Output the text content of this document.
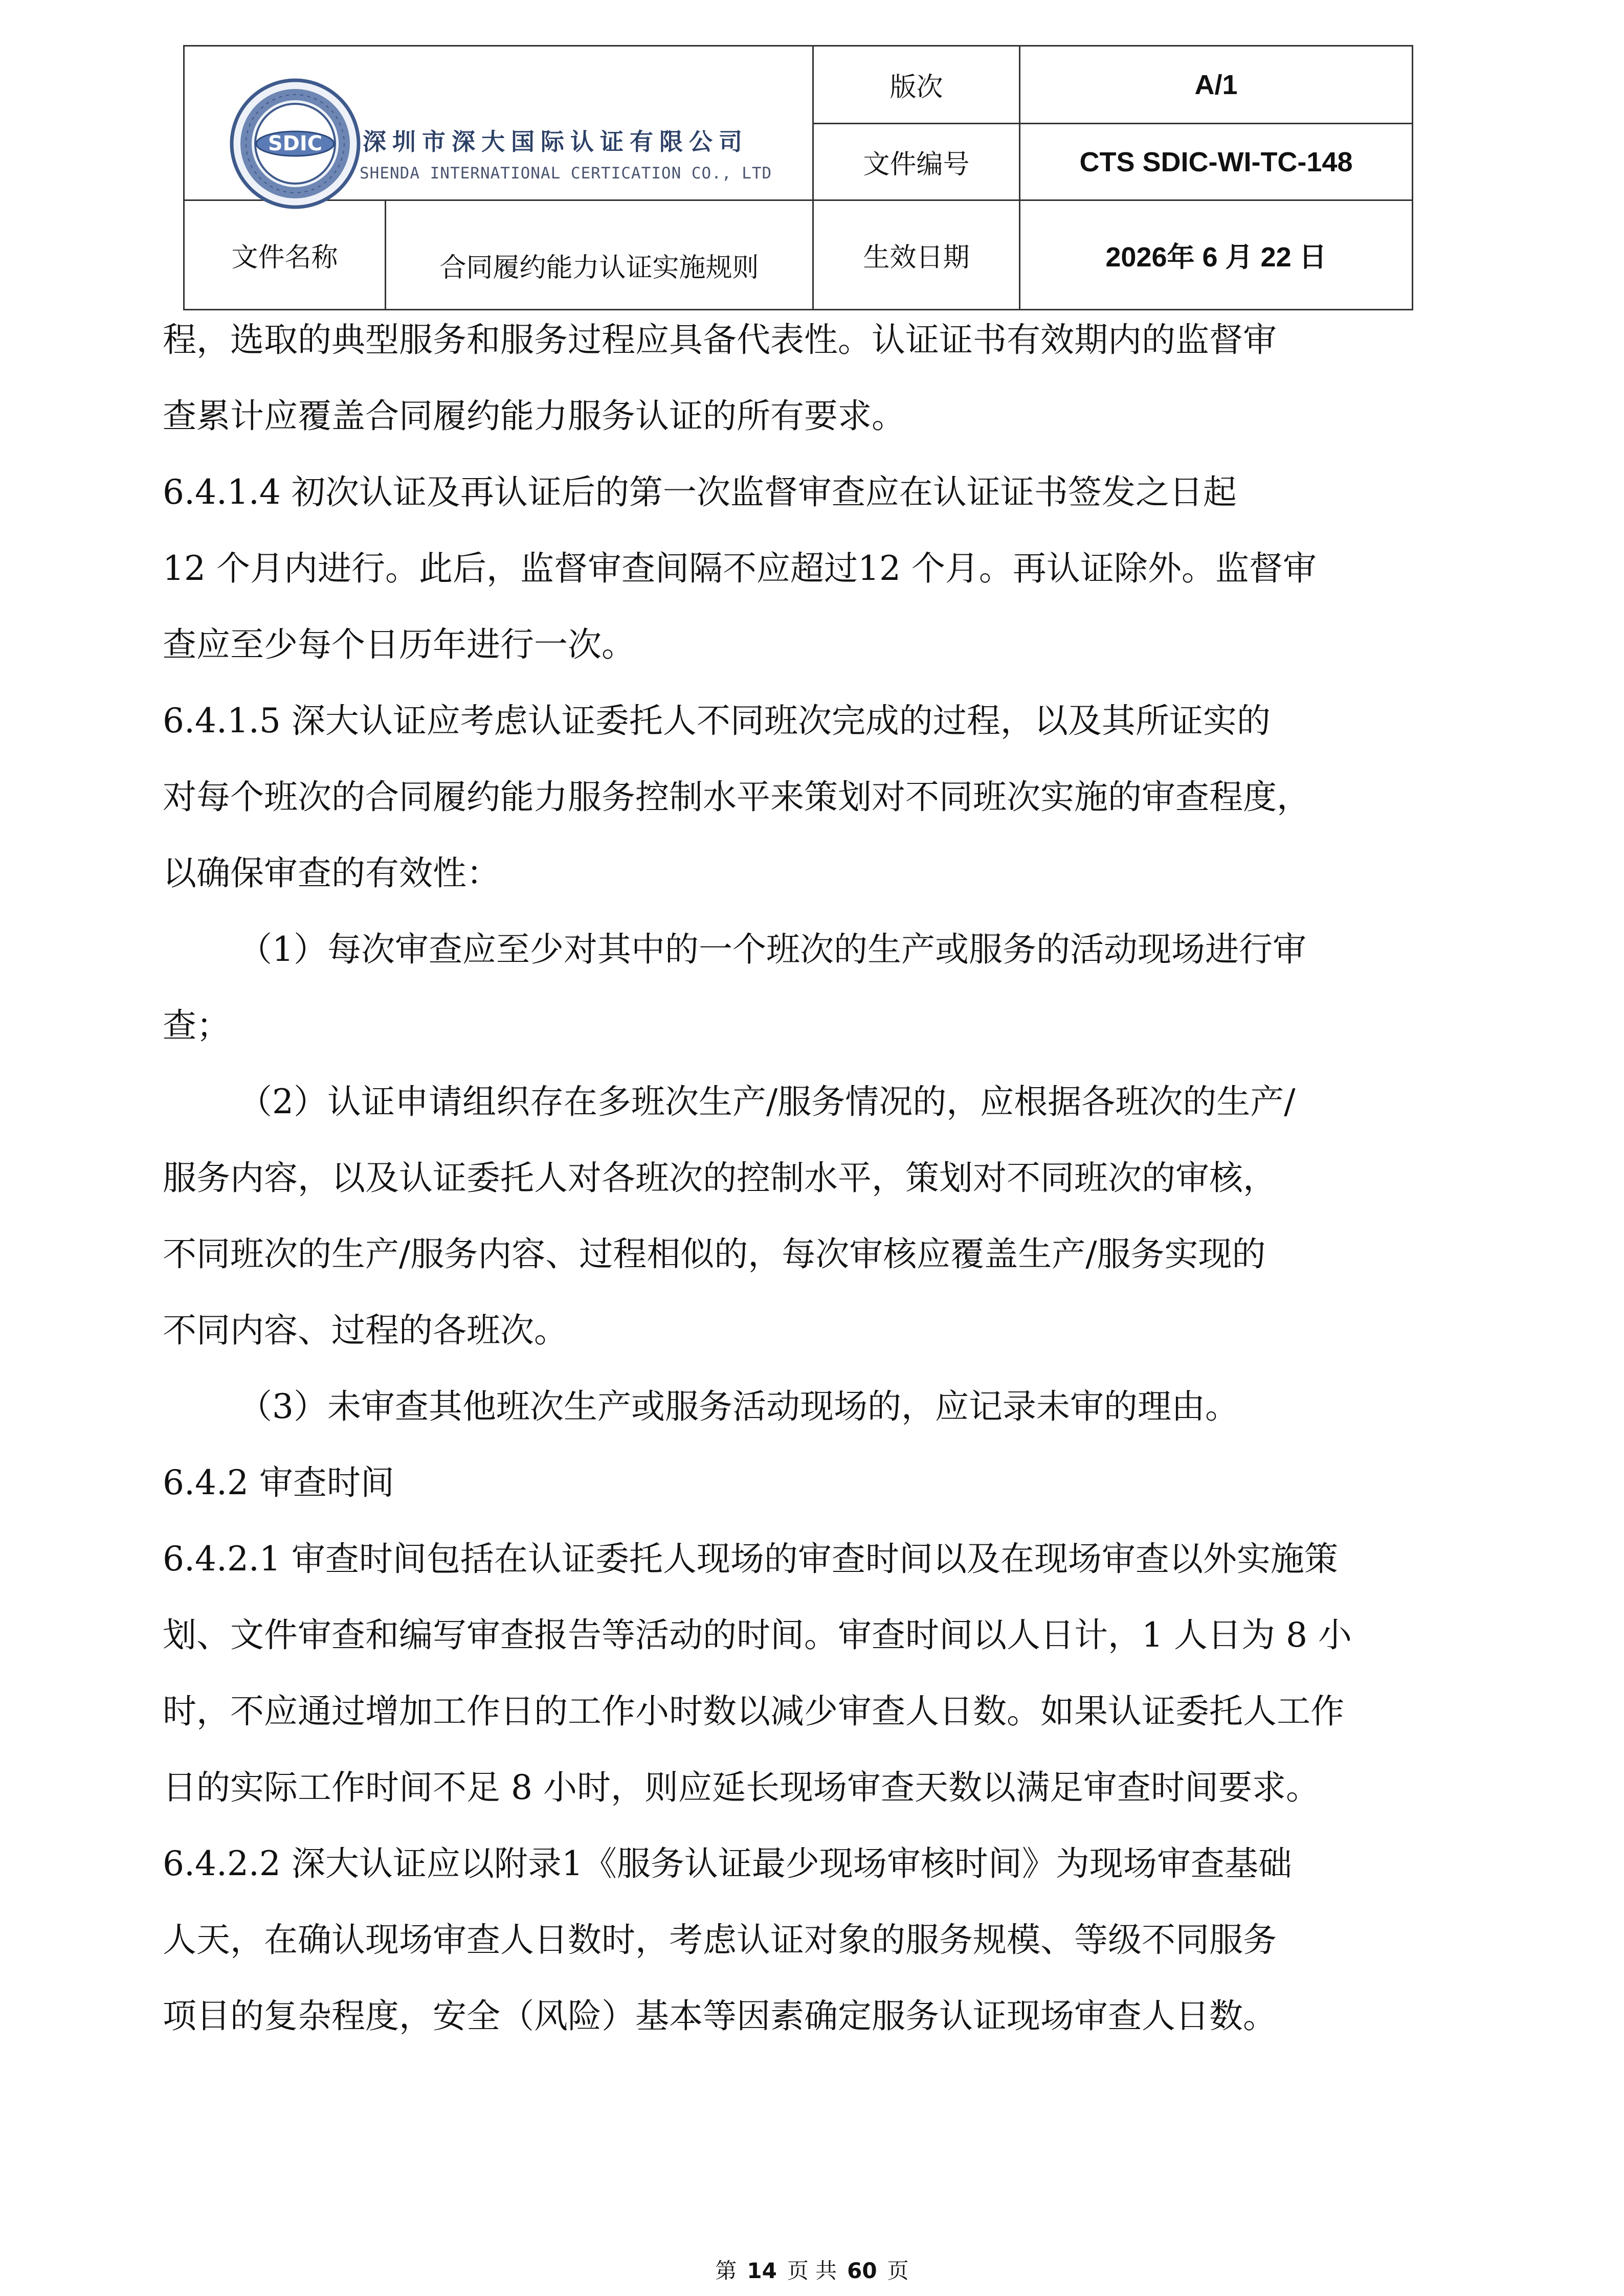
SDIC 深圳市深大国际认证有限公司
SHENDA INTERNATIONAL CERTICATION CO., LTD		版次	A/1
		文件编号	CTS SDIC-WI-TC-148
文件名称	合同履约能力认证实施规则	生效日期	2026年 6 月 22 日

程，选取的典型服务和服务过程应具备代表性。认证证书有效期内的监督审

查累计应覆盖合同履约能力服务认证的所有要求。

6.4.1.4 初次认证及再认证后的第一次监督审查应在认证证书签发之日起

12 个月内进行。此后，监督审查间隔不应超过12 个月。再认证除外。监督审

查应至少每个日历年进行一次。

6.4.1.5 深大认证应考虑认证委托人不同班次完成的过程，以及其所证实的

对每个班次的合同履约能力服务控制水平来策划对不同班次实施的审查程度，

以确保审查的有效性：

（1）每次审查应至少对其中的一个班次的生产或服务的活动现场进行审

查；

（2）认证申请组织存在多班次生产/服务情况的，应根据各班次的生产/

服务内容，以及认证委托人对各班次的控制水平，策划对不同班次的审核，

不同班次的生产/服务内容、过程相似的，每次审核应覆盖生产/服务实现的

不同内容、过程的各班次。

（3）未审查其他班次生产或服务活动现场的，应记录未审的理由。

6.4.2 审查时间

6.4.2.1 审查时间包括在认证委托人现场的审查时间以及在现场审查以外实施策

划、文件审查和编写审查报告等活动的时间。审查时间以人日计，1 人日为 8 小

时，不应通过增加工作日的工作小时数以减少审查人日数。如果认证委托人工作

日的实际工作时间不足 8 小时，则应延长现场审查天数以满足审查时间要求。

6.4.2.2 深大认证应以附录1《服务认证最少现场审核时间》为现场审查基础

人天，在确认现场审查人日数时，考虑认证对象的服务规模、等级不同服务

项目的复杂程度，安全（风险）基本等因素确定服务认证现场审查人日数。

第 14 页 共 60 页
